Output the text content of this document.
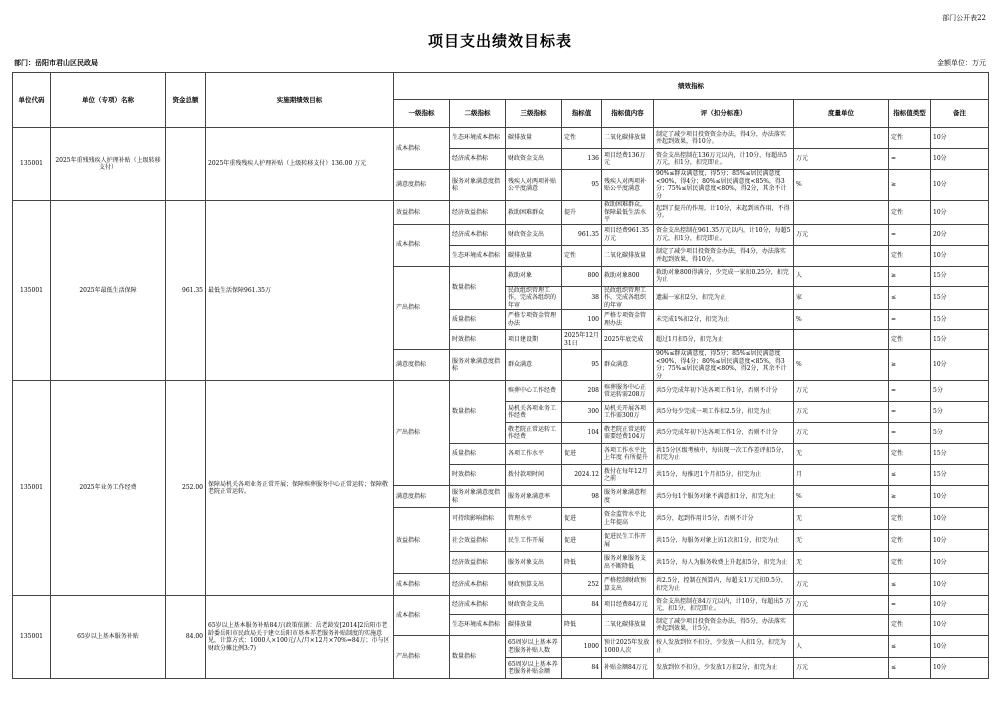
部门公开表22
项目支出绩效目标表
部门：岳阳市君山区民政局	金额单位：万元
单位代码	单位（专项）名称	资金总额	实施期绩效目标	绩效指标								
				一级指标	二级指标	三级指标	指标值	指标值内容	评（扣分标准）	度量单位	指标值类型	备注
135001	2025年重残残疾人护理补贴（上级转移支付）		2025年重残残疾人护理补贴（上级转移支付）136.00 万元	成本指标	生态环境成本指标	碳排放量	定性	二氧化碳排放量	制定了减少项目投资资金办法，得4分，办法落实并起到效果，得10分。		定性	10分
					经济成本指标	财政资金支出	136	项目经费136万元	资金支出控制在136万元以内，计10分，每超出5 万元，扣1分，扣完即止。	万元	=	10分
				满意度指标	服务对象满意度指标	残疾人对两项补贴公平度满意	95	残疾人对两项补贴公平度满意	90%≤群众满意度，得5分；85%≤居民满意度<90%，得4分；80%≤居民满意度<85%，得3分；75%≤居民满意度<80%，得2分，其余不计分	%	≥	10分
135001	2025年最低生活保障	961.35	最低生活保障961.35万	效益指标	经济效益指标	救助困难群众	提升	救助困难群众，保障最低生活水平	起到了提升的作用，计10分，未起到该作用，不得分。		定性	10分
				成本指标	经济成本指标	财政资金支出	961.35	项目经费961.35万元	资金支出控制在961.35万元以内，计10分，每超5万元，扣1分，扣完即止。	万元	=	20分
					生态环境成本指标	碳排放量	定性	二氧化碳排放量	制定了减少项目投资资金办法，得4分，办法落实并起到效果，得10分。		定性	10分
				产出指标	数量指标	救助对象	800	救助对象800	救助对象800得满分，少完成一家扣0.25分，扣完为止	人	≥	15分
						民政组织管理工作，完成各组织的年审	38	民政组织管理工作，完成各组织的年审	遗漏一家扣2分，扣完为止	家	≤	15分
					质量指标	严格专项资金管理办法	100	严格专项资金管理办法	未完成1%扣2分，扣完为止	%	=	15分
					时效指标	项目建设期	2025年12月31日	2025年底完成	超过1月扣5分，扣完为止		定性	15分
				满意度指标	服务对象满意度指标	群众满意	95	群众满意	90%≤群众满意度，得5分；85%≤居民满意度<90%，得4分；80%≤居民满意度<85%，得3分；75%≤居民满意度<80%，得2分，其余不计分	%	≥	10分
135001	2025年业务工作经费	252.00	保障局机关各项业务正常开展；保障殡葬服务中心正常运转；保障敬老院正常运转。	产出指标	数量指标	殡葬中心工作经费	208	殡葬服务中心正常运转需208万	共5分完成年初下达各项工作1分，否则不计分	万元	=	5分
						局机关各项业务工作经费	300	局机关开展各项工作需300万	共5分每少完成一项工作扣2.5分，扣完为止	万元	=	5分
						敬老院正常运转工作经费	104	敬老院正常运转需要经费104万	共5分完成年初下达各项工作1分，否则不计分	万元	=	5分
					质量指标	各项工作水平	促进	各项工作水平比上年度 有所提升	共15分区级考核中，每出现一次工作差评扣5分，扣完为止	无	定性	15分
					时效指标	拨付款项时间	2024.12	拨付在每年12月之前	共15分，每推迟1个月扣5分，扣完为止	月	≤	15分
				满意度指标	服务对象满意度指标	服务对象满意率	98	服务对象满意程度	共5分每1个服务对象不满意扣1分，扣完为止	%	≥	10分
				效益指标	可持续影响指标	管理水平	促进	资金监管水平比上年提高	共5分，起到作用计5分，否则不计分	无	定性	10分
					社会效益指标	民生工作开展	促进	促进民生工作开展	共15分，每服务对象上访1次扣1分，扣完为止	无	定性	10分
					经济效益指标	服务对象支出	降低	服务对象服务支出不断降低	共15分，每人为服务收费上升起扣5分，扣完为止	无	定性	10分
				成本指标	经济成本指标	财政预算支出	252	严格控制财政预算支出	共2.5分，控制在预算内，每超支1万元扣0.5分，扣完为止	万元	≤	10分
135001	65岁以上基本服务补贴	84.00	65岁以上基本服务补贴84万(政策依据：岳老龄发[2014]2岳阳市老龄委岳阳市民政局关于建立岳阳市基本养老服务补贴制度的实施意见，计算方式：1000人×100元/人/月×12月×70%=84万；市与区财政分摊比例3:7)	成本指标	经济成本指标	财政资金支出	84	项目经费84万元	资金支出控制在84万元以内，计10分，每超出5 万元，扣1分，扣完即止。	万元	=	10分
					生态环境成本指标	碳排放量	降低	二氧化碳排放量	制定了减少项目投资资金办法，得5分，办法落实并起到效果，计5分。		定性	10分
				产出指标	数量指标	65周岁以上基本养老服务补贴人数	1000	预计2025年发放1000人次	按人发放到位不扣分，少发放一人扣1分，扣完为止	人	≤	10分
						65周岁以上基本养老服务补贴金额	84	补贴金额84万元	发放到位不扣分，少发放1万扣2分，扣完为止	万元	≤	10分
